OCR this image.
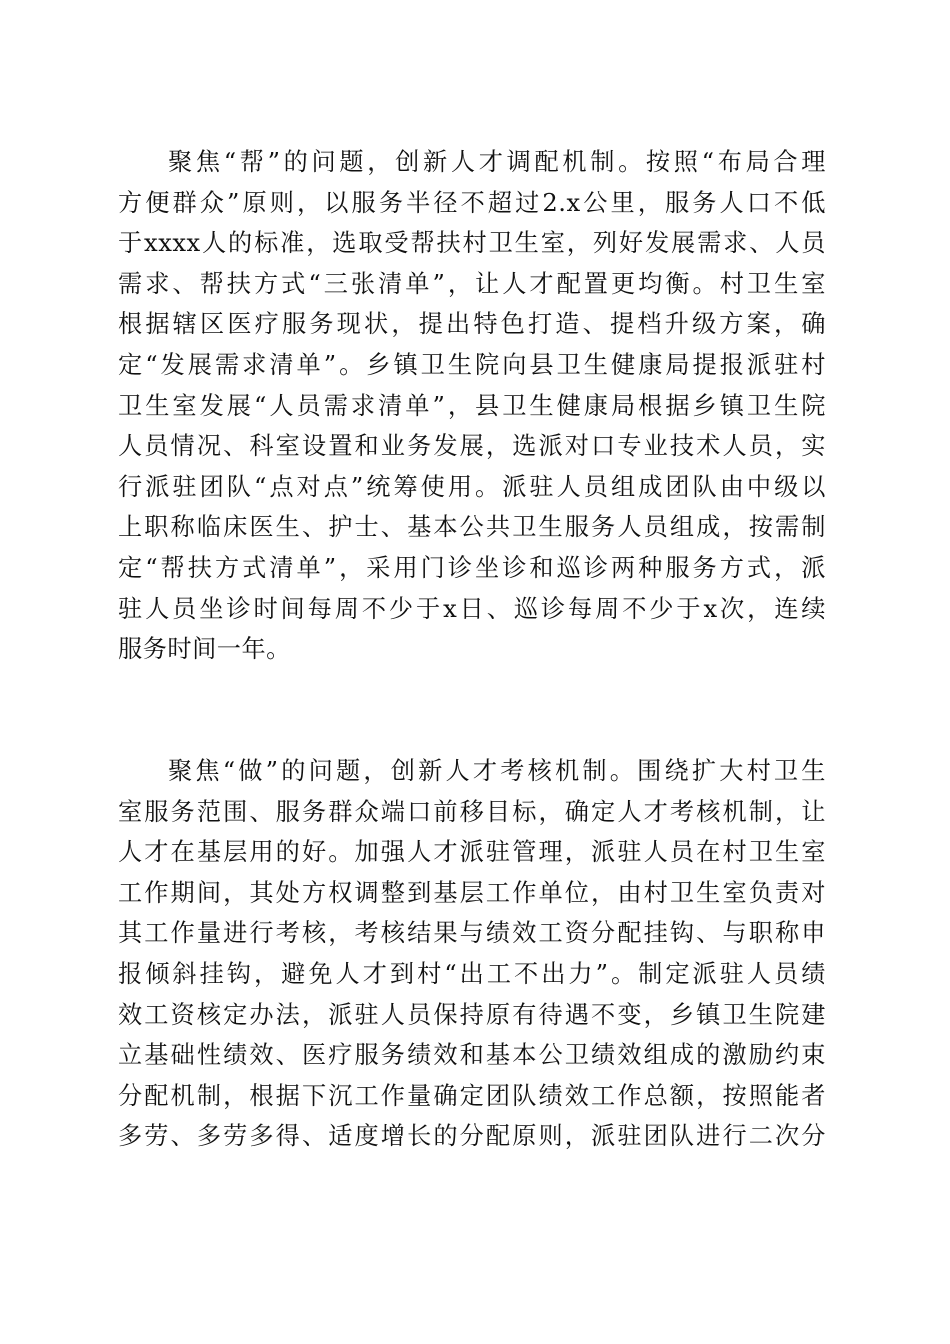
聚焦“帮”的问题，创新人才调配机制。按照“布局合理
方便群众”原则，以服务半径不超过2.x公里，服务人口不低
于xxxx人的标准，选取受帮扶村卫生室，列好发展需求、人员
需求、帮扶方式“三张清单”，让人才配置更均衡。村卫生室
根据辖区医疗服务现状，提出特色打造、提档升级方案，确
定“发展需求清单”。乡镇卫生院向县卫生健康局提报派驻村
卫生室发展“人员需求清单”，县卫生健康局根据乡镇卫生院
人员情况、科室设置和业务发展，选派对口专业技术人员，实
行派驻团队“点对点”统筹使用。派驻人员组成团队由中级以
上职称临床医生、护士、基本公共卫生服务人员组成，按需制
定“帮扶方式清单”，采用门诊坐诊和巡诊两种服务方式，派
驻人员坐诊时间每周不少于x日、巡诊每周不少于x次，连续
服务时间一年。
聚焦“做”的问题，创新人才考核机制。围绕扩大村卫生
室服务范围、服务群众端口前移目标，确定人才考核机制，让
人才在基层用的好。加强人才派驻管理，派驻人员在村卫生室
工作期间，其处方权调整到基层工作单位，由村卫生室负责对
其工作量进行考核，考核结果与绩效工资分配挂钩、与职称申
报倾斜挂钩，避免人才到村“出工不出力”。制定派驻人员绩
效工资核定办法，派驻人员保持原有待遇不变，乡镇卫生院建
立基础性绩效、医疗服务绩效和基本公卫绩效组成的激励约束
分配机制，根据下沉工作量确定团队绩效工作总额，按照能者
多劳、多劳多得、适度增长的分配原则，派驻团队进行二次分
